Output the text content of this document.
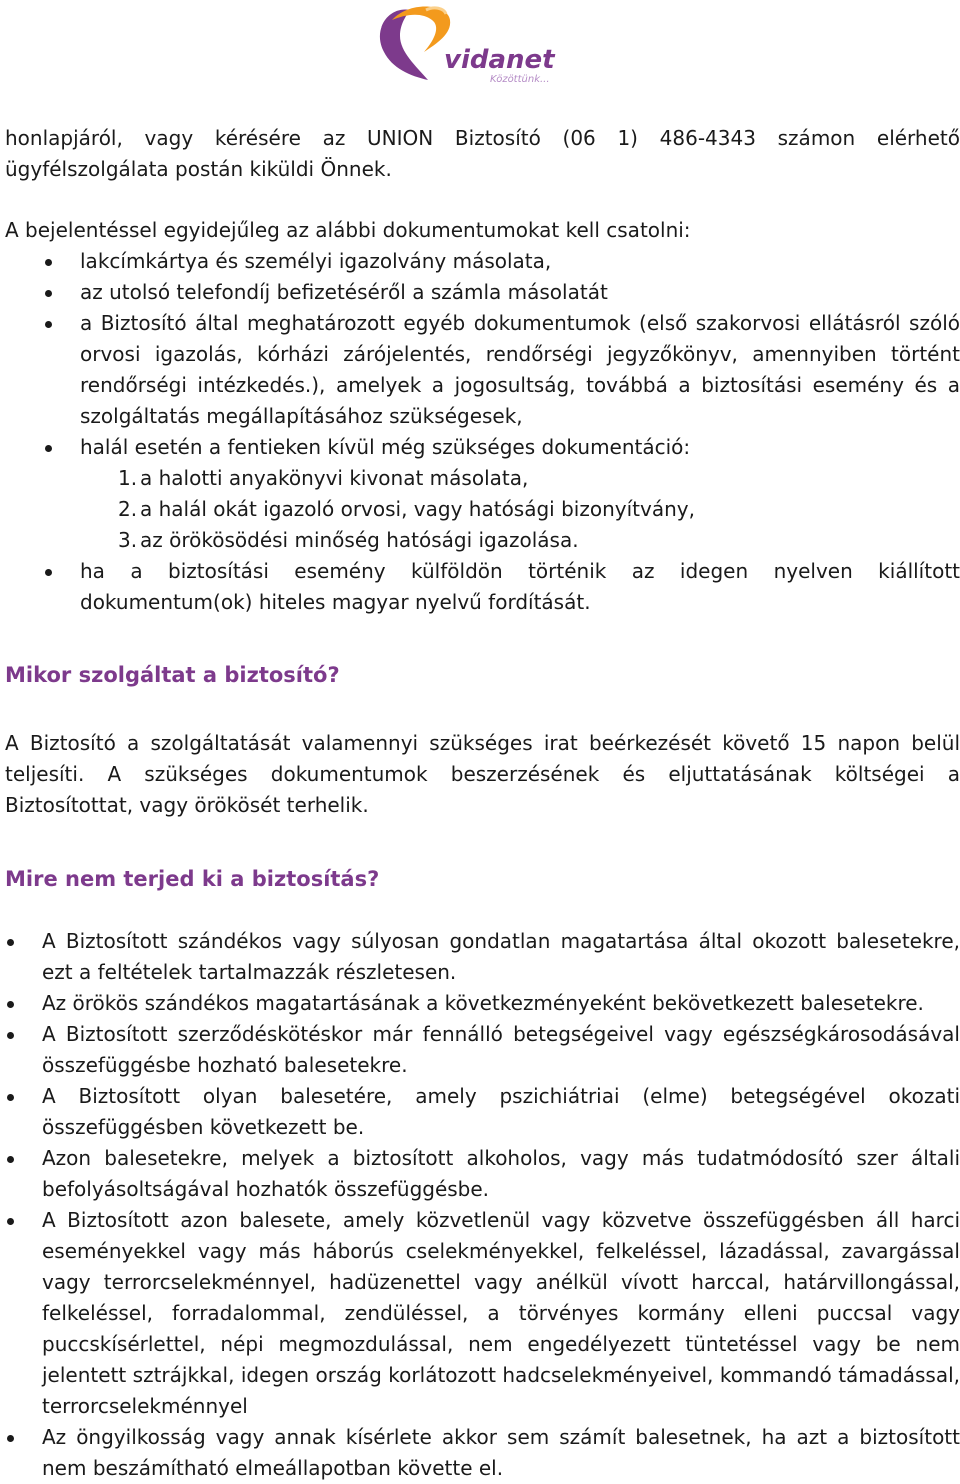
vidanet
Közöttünk...

honlapjáról, vagy kérésére az UNION Biztosító (06 1) 486-4343 számon elérhető ügyfélszolgálata postán kiküldi Önnek.

A bejelentéssel egyidejűleg az alábbi dokumentumokat kell csatolni:

lakcímkártya és személyi igazolvány másolata,

az utolsó telefondíj befizetéséről a számla másolatát

a Biztosító által meghatározott egyéb dokumentumok (első szakorvosi ellátásról szóló orvosi igazolás, kórházi zárójelentés, rendőrségi jegyzőkönyv, amennyiben történt rendőrségi intézkedés.), amelyek a jogosultság, továbbá a biztosítási esemény és a szolgáltatás megállapításához szükségesek,

halál esetén a fentieken kívül még szükséges dokumentáció:

1. a halotti anyakönyvi kivonat másolata,
2. a halál okát igazoló orvosi, vagy hatósági bizonyítvány,
3. az örökösödési minőség hatósági igazolása.

ha a biztosítási esemény külföldön történik az idegen nyelven kiállított dokumentum(ok) hiteles magyar nyelvű fordítását.

Mikor szolgáltat a biztosító?

A Biztosító a szolgáltatását valamennyi szükséges irat beérkezését követő 15 napon belül teljesíti. A szükséges dokumentumok beszerzésének és eljuttatásának költségei a Biztosítottat, vagy örökösét terhelik.

Mire nem terjed ki a biztosítás?

A Biztosított szándékos vagy súlyosan gondatlan magatartása által okozott balesetekre, ezt a feltételek tartalmazzák részletesen.

Az örökös szándékos magatartásának a következményeként bekövetkezett balesetekre.

A Biztosított szerződéskötéskor már fennálló betegségeivel vagy egészségkárosodásával összefüggésbe hozható balesetekre.

A Biztosított olyan balesetére, amely pszichiátriai (elme) betegségével okozati összefüggésben következett be.

Azon balesetekre, melyek a biztosított alkoholos, vagy más tudatmódosító szer általi befolyásoltságával hozhatók összefüggésbe.

A Biztosított azon balesete, amely közvetlenül vagy közvetve összefüggésben áll harci eseményekkel vagy más háborús cselekményekkel, felkeléssel, lázadással, zavargással vagy terrorcselekménnyel, hadüzenettel vagy anélkül vívott harccal, határvillongással, felkeléssel, forradalommal, zendüléssel, a törvényes kormány elleni puccsal vagy puccskísérlettel, népi megmozdulással, nem engedélyezett tüntetéssel vagy be nem jelentett sztrájkkal, idegen ország korlátozott hadcselekményeivel, kommandó támadással, terrorcselekménnyel

Az öngyilkosság vagy annak kísérlete akkor sem számít balesetnek, ha azt a biztosított nem beszámítható elmeállapotban követte el.
